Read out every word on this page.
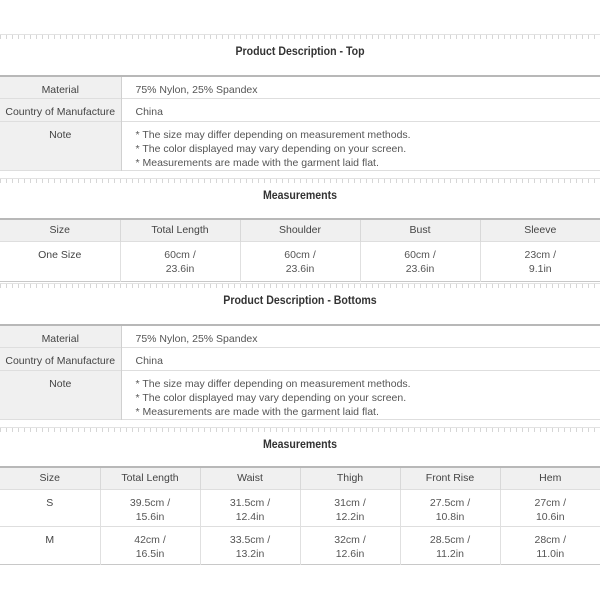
Product Description - Top
Material	75% Nylon, 25% Spandex
Country of Manufacture	China
Note	* The size may differ depending on measurement methods.
* The color displayed may vary depending on your screen.
* Measurements are made with the garment laid flat.
Measurements
Size	Total Length	Shoulder	Bust	Sleeve

One Size	60cm /
23.6in	60cm /
23.6in	60cm /
23.6in	23cm /
9.1in
Product Description - Bottoms
Material	75% Nylon, 25% Spandex
Country of Manufacture	China
Note	* The size may differ depending on measurement methods.
* The color displayed may vary depending on your screen.
* Measurements are made with the garment laid flat.
Measurements
Size	Total Length	Waist	Thigh	Front Rise	Hem

S	39.5cm /
15.6in	31.5cm /
12.4in	31cm /
12.2in	27.5cm /
10.8in	27cm /
10.6in

M	42cm /
16.5in	33.5cm /
13.2in	32cm /
12.6in	28.5cm /
11.2in	28cm /
11.0in
